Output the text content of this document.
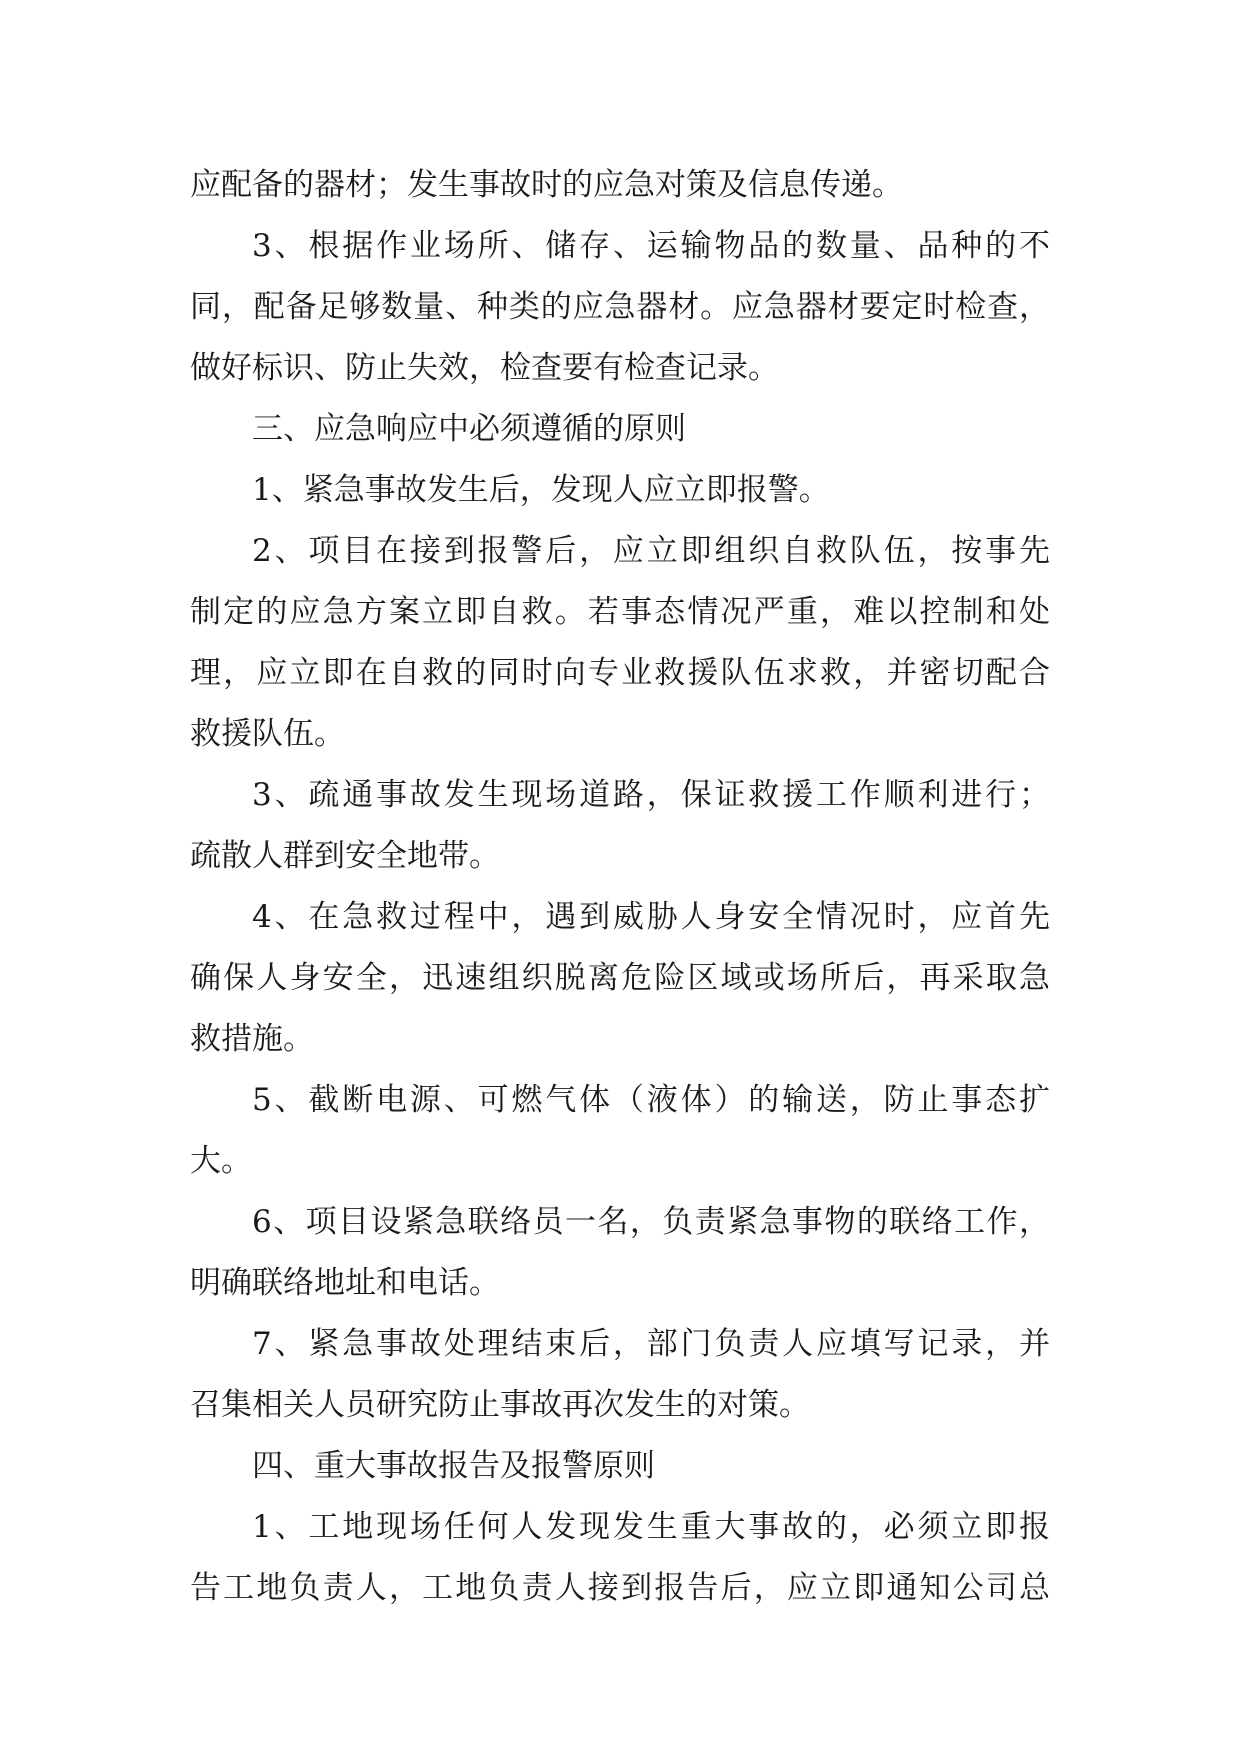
应配备的器材；发生事故时的应急对策及信息传递。
3、根据作业场所、储存、运输物品的数量、品种的不
同，配备足够数量、种类的应急器材。应急器材要定时检查，
做好标识、防止失效，检查要有检查记录。
三、应急响应中必须遵循的原则
1、紧急事故发生后，发现人应立即报警。
2、项目在接到报警后，应立即组织自救队伍，按事先
制定的应急方案立即自救。若事态情况严重，难以控制和处
理，应立即在自救的同时向专业救援队伍求救，并密切配合
救援队伍。
3、疏通事故发生现场道路，保证救援工作顺利进行；
疏散人群到安全地带。
4、在急救过程中，遇到威胁人身安全情况时，应首先
确保人身安全，迅速组织脱离危险区域或场所后，再采取急
救措施。
5、截断电源、可燃气体（液体）的输送，防止事态扩
大。
6、项目设紧急联络员一名，负责紧急事物的联络工作，
明确联络地址和电话。
7、紧急事故处理结束后，部门负责人应填写记录，并
召集相关人员研究防止事故再次发生的对策。
四、重大事故报告及报警原则
1、工地现场任何人发现发生重大事故的，必须立即报
告工地负责人，工地负责人接到报告后，应立即通知公司总
